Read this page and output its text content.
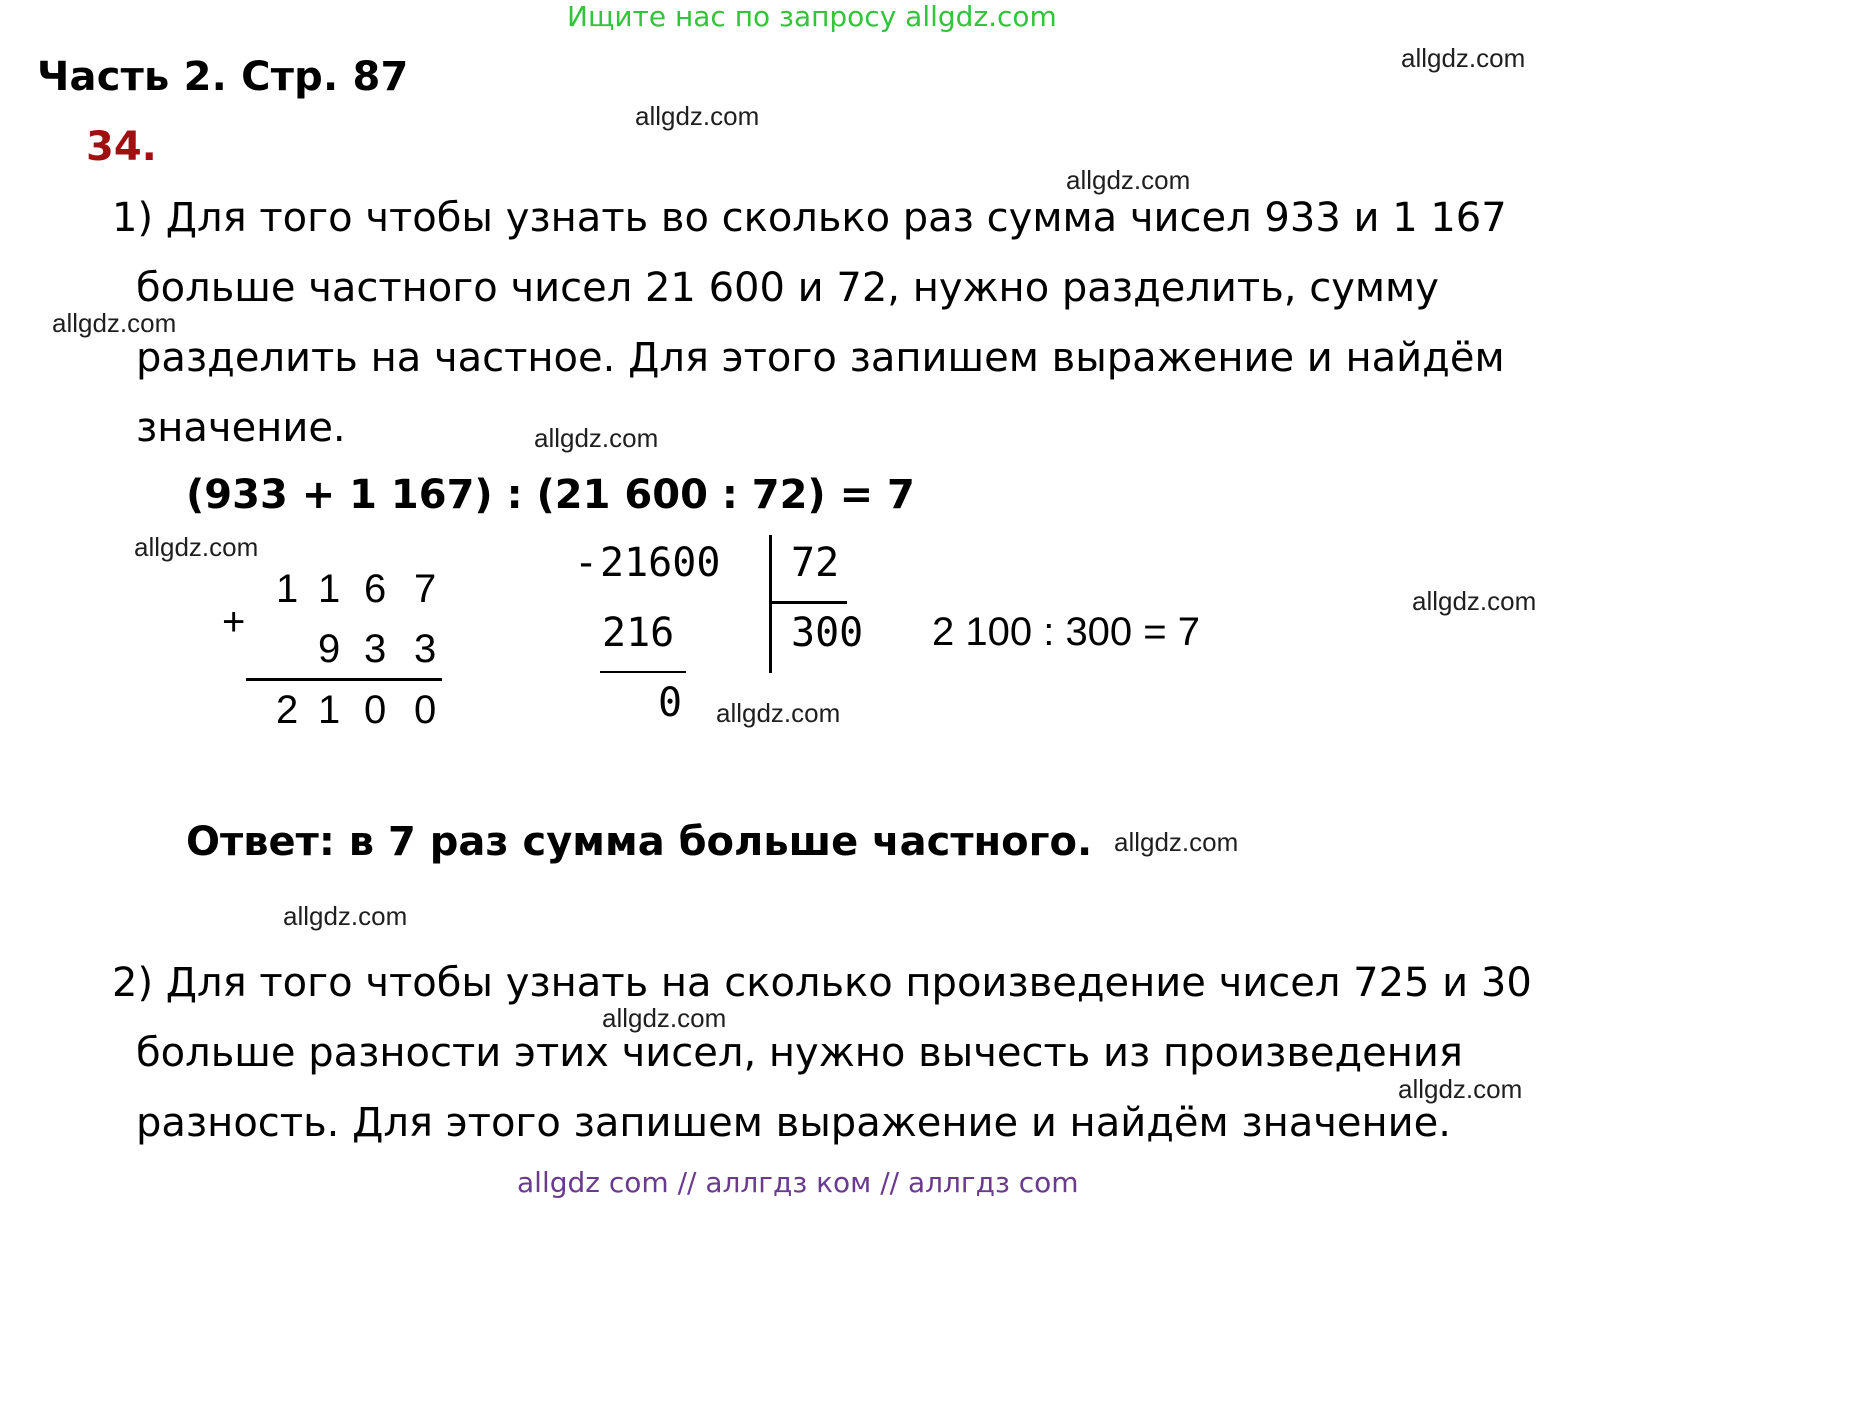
Ищите нас по запросу allgdz.com
Часть 2. Стр. 87
34.
1) Для того чтобы узнать во сколько раз сумма чисел 933 и 1 167
больше частного чисел 21 600 и 72, нужно разделить, сумму
разделить на частное. Для этого запишем выражение и найдём
значение.
(933 + 1 167) : (21 600 : 72) = 7
+
1 1 6 7
9 3 3
2 1 0 0
- 21600 72
216	300
0
2 100 : 300 = 7
Ответ: в 7 раз сумма больше частного.
2) Для того чтобы узнать на сколько произведение чисел 725 и 30
больше разности этих чисел, нужно вычесть из произведения
разность. Для этого запишем выражение и найдём значение.
allgdz.com
allgdz.com
allgdz.com
allgdz.com
allgdz.com
allgdz.com
allgdz.com
allgdz.com
allgdz.com
allgdz.com
allgdz.com
allgdz.com
allgdz com // аллгдз ком // аллгдз com
